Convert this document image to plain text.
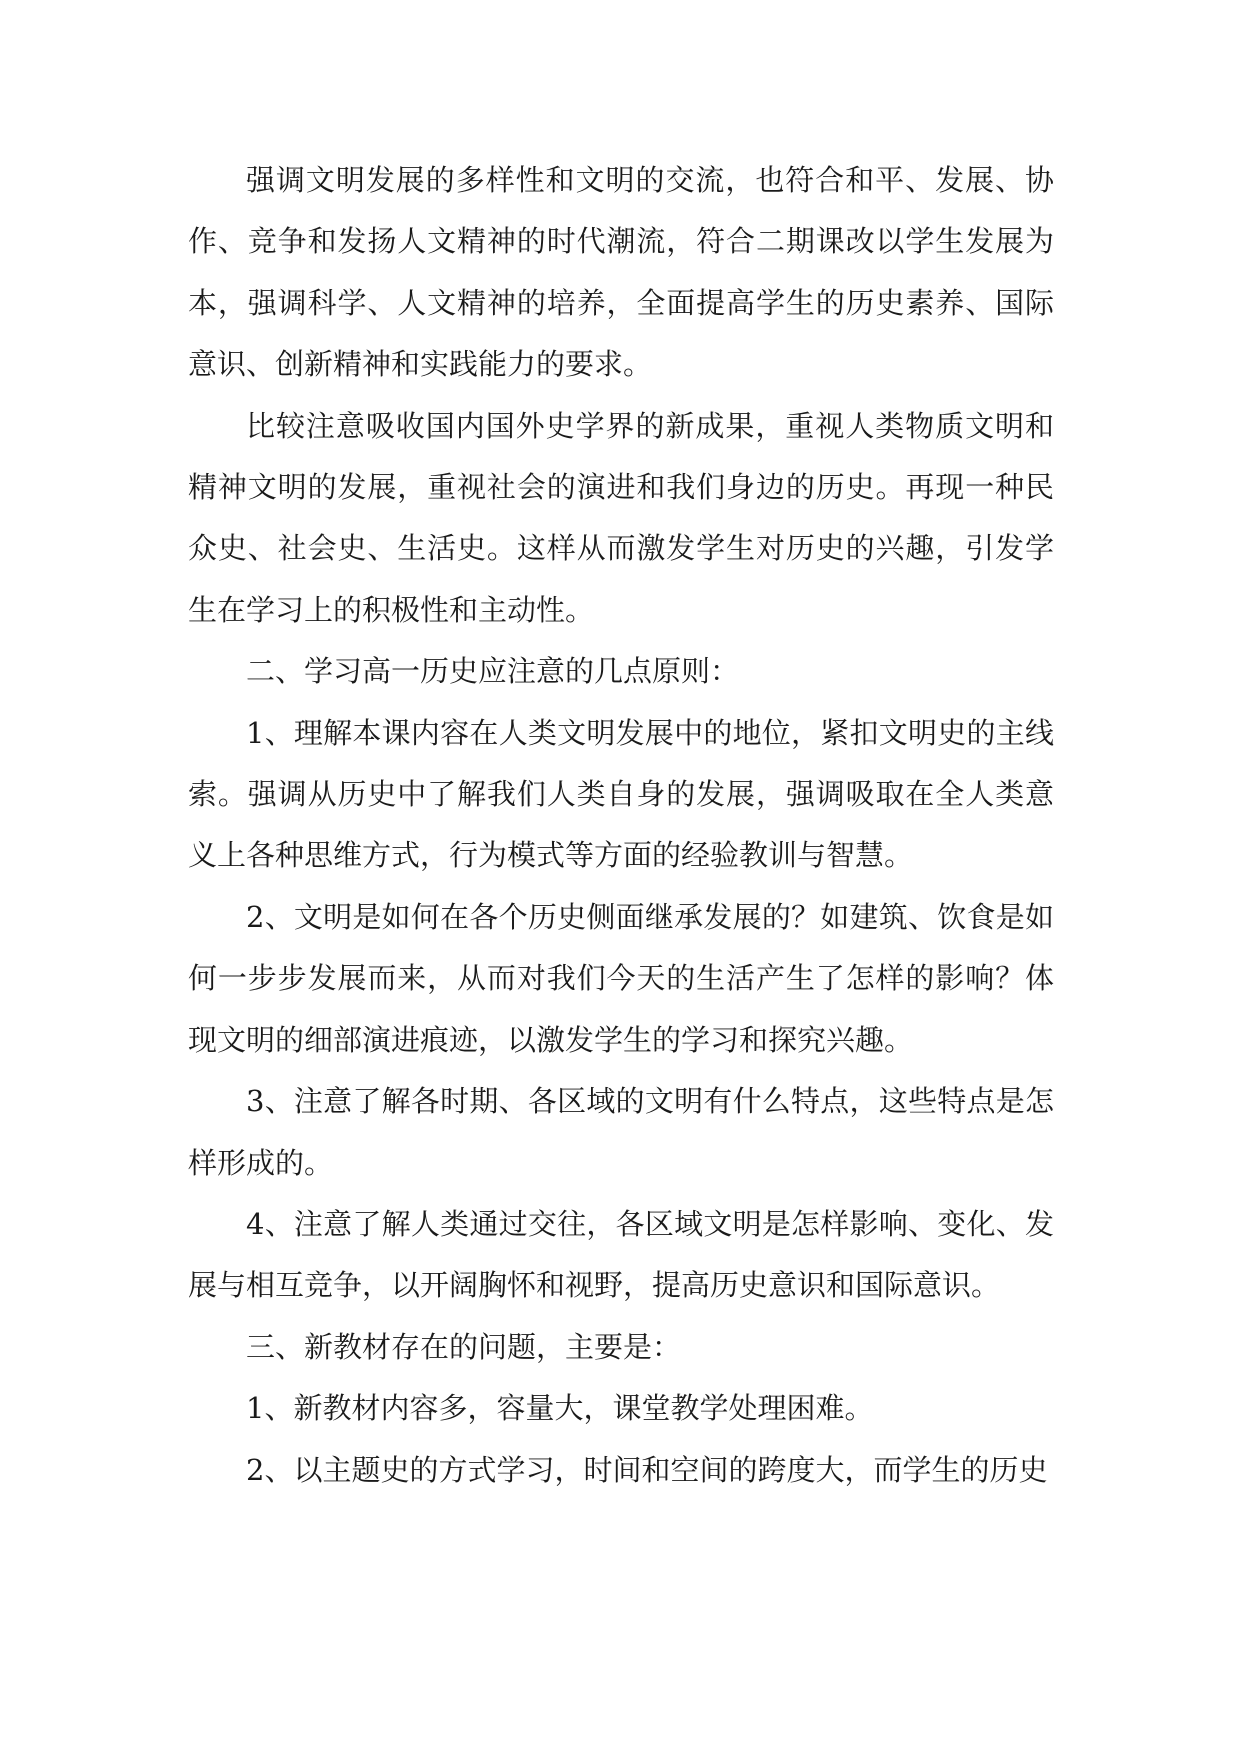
强调文明发展的多样性和文明的交流，也符合和平、发展、协作、竞争和发扬人文精神的时代潮流，符合二期课改以学生发展为本，强调科学、人文精神的培养，全面提高学生的历史素养、国际意识、创新精神和实践能力的要求。

比较注意吸收国内国外史学界的新成果，重视人类物质文明和精神文明的发展，重视社会的演进和我们身边的历史。再现一种民众史、社会史、生活史。这样从而激发学生对历史的兴趣，引发学生在学习上的积极性和主动性。

二、学习高一历史应注意的几点原则：

1、理解本课内容在人类文明发展中的地位，紧扣文明史的主线索。强调从历史中了解我们人类自身的发展，强调吸取在全人类意义上各种思维方式，行为模式等方面的经验教训与智慧。

2、文明是如何在各个历史侧面继承发展的？如建筑、饮食是如何一步步发展而来，从而对我们今天的生活产生了怎样的影响？体现文明的细部演进痕迹，以激发学生的学习和探究兴趣。

3、注意了解各时期、各区域的文明有什么特点，这些特点是怎样形成的。

4、注意了解人类通过交往，各区域文明是怎样影响、变化、发展与相互竞争，以开阔胸怀和视野，提高历史意识和国际意识。

三、新教材存在的问题，主要是：

1、新教材内容多，容量大，课堂教学处理困难。

2、以主题史的方式学习，时间和空间的跨度大，而学生的历史
